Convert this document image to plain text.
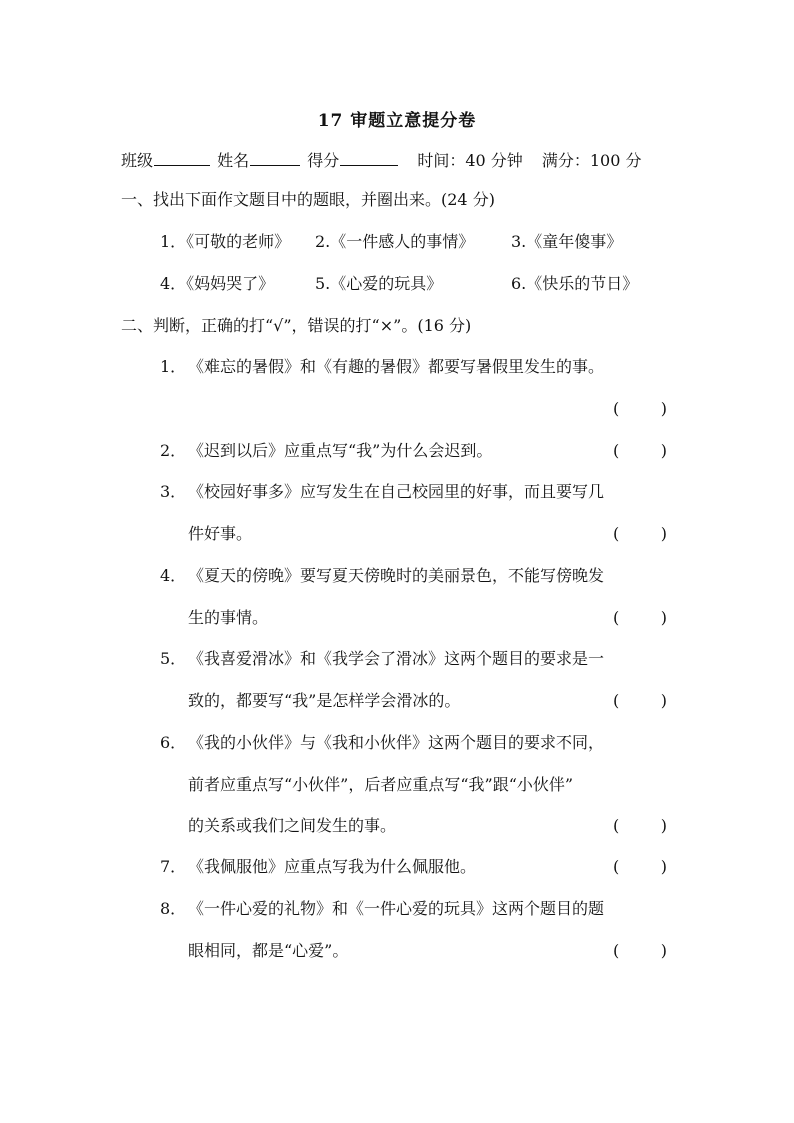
17 审题立意提分卷
班级	姓名	得分	时间：40 分钟 满分：100 分
一、找出下面作文题目中的题眼，并圈出来。(24 分)
1．《可敬的老师》 2.《一件感人的事情》 3.《童年傻事》
4．《妈妈哭了》	5.《心爱的玩具》	6.《快乐的节日》
二、判断，正确的打“√”，错误的打“×”。(16 分)
1． 《难忘的暑假》和《有趣的暑假》都要写暑假里发生的事。
(	)
2． 《迟到以后》应重点写“我”为什么会迟到。	(	)
3． 《校园好事多》应写发生在自己校园里的好事，而且要写几
件好事。	(	)
4． 《夏天的傍晚》要写夏天傍晚时的美丽景色，不能写傍晚发
生的事情。	(	)
5． 《我喜爱滑冰》和《我学会了滑冰》这两个题目的要求是一
致的，都要写“我”是怎样学会滑冰的。	(	)
6． 《我的小伙伴》与《我和小伙伴》这两个题目的要求不同，
前者应重点写“小伙伴”，后者应重点写“我”跟“小伙伴”
的关系或我们之间发生的事。	(	)
7． 《我佩服他》应重点写我为什么佩服他。	(	)
8． 《一件心爱的礼物》和《一件心爱的玩具》这两个题目的题
眼相同，都是“心爱”。	(	)
